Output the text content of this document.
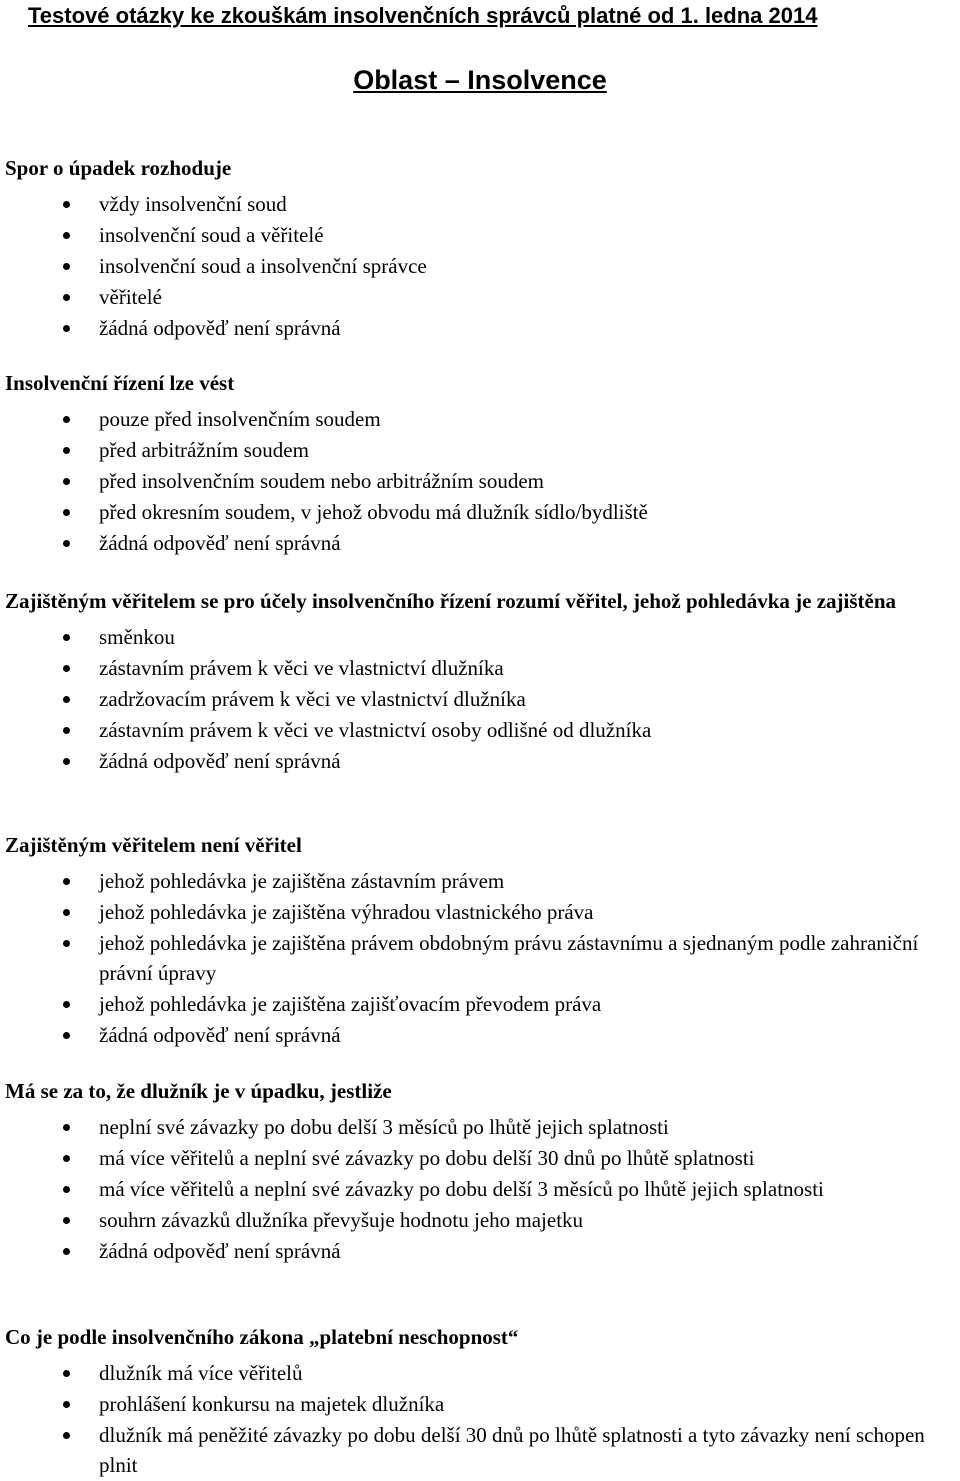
Testové otázky ke zkouškám insolvenčních správců platné od 1. ledna 2014
Oblast – Insolvence

Spor o úpadek rozhoduje

vždy insolvenční soud
insolvenční soud a věřitelé
insolvenční soud a insolvenční správce
věřitelé
žádná odpověď není správná

Insolvenční řízení lze vést

pouze před insolvenčním soudem
před arbitrážním soudem
před insolvenčním soudem nebo arbitrážním soudem
před okresním soudem, v jehož obvodu má dlužník sídlo/bydliště
žádná odpověď není správná

Zajištěným věřitelem se pro účely insolvenčního řízení rozumí věřitel, jehož pohledávka je zajištěna

směnkou
zástavním právem k věci ve vlastnictví dlužníka
zadržovacím právem k věci ve vlastnictví dlužníka
zástavním právem k věci ve vlastnictví osoby odlišné od dlužníka
žádná odpověď není správná

Zajištěným věřitelem není věřitel

jehož pohledávka je zajištěna zástavním právem
jehož pohledávka je zajištěna výhradou vlastnického práva
jehož pohledávka je zajištěna právem obdobným právu zástavnímu a sjednaným podle zahraniční právní úpravy
jehož pohledávka je zajištěna zajišťovacím převodem práva
žádná odpověď není správná

Má se za to, že dlužník je v úpadku, jestliže

neplní své závazky po dobu delší 3 měsíců po lhůtě jejich splatnosti
má více věřitelů a neplní své závazky po dobu delší 30 dnů po lhůtě splatnosti
má více věřitelů a neplní své závazky po dobu delší 3 měsíců po lhůtě jejich splatnosti
souhrn závazků dlužníka převyšuje hodnotu jeho majetku
žádná odpověď není správná

Co je podle insolvenčního zákona „platební neschopnost“

dlužník má více věřitelů
prohlášení konkursu na majetek dlužníka
dlužník má peněžité závazky po dobu delší 30 dnů po lhůtě splatnosti a tyto závazky není schopen plnit
